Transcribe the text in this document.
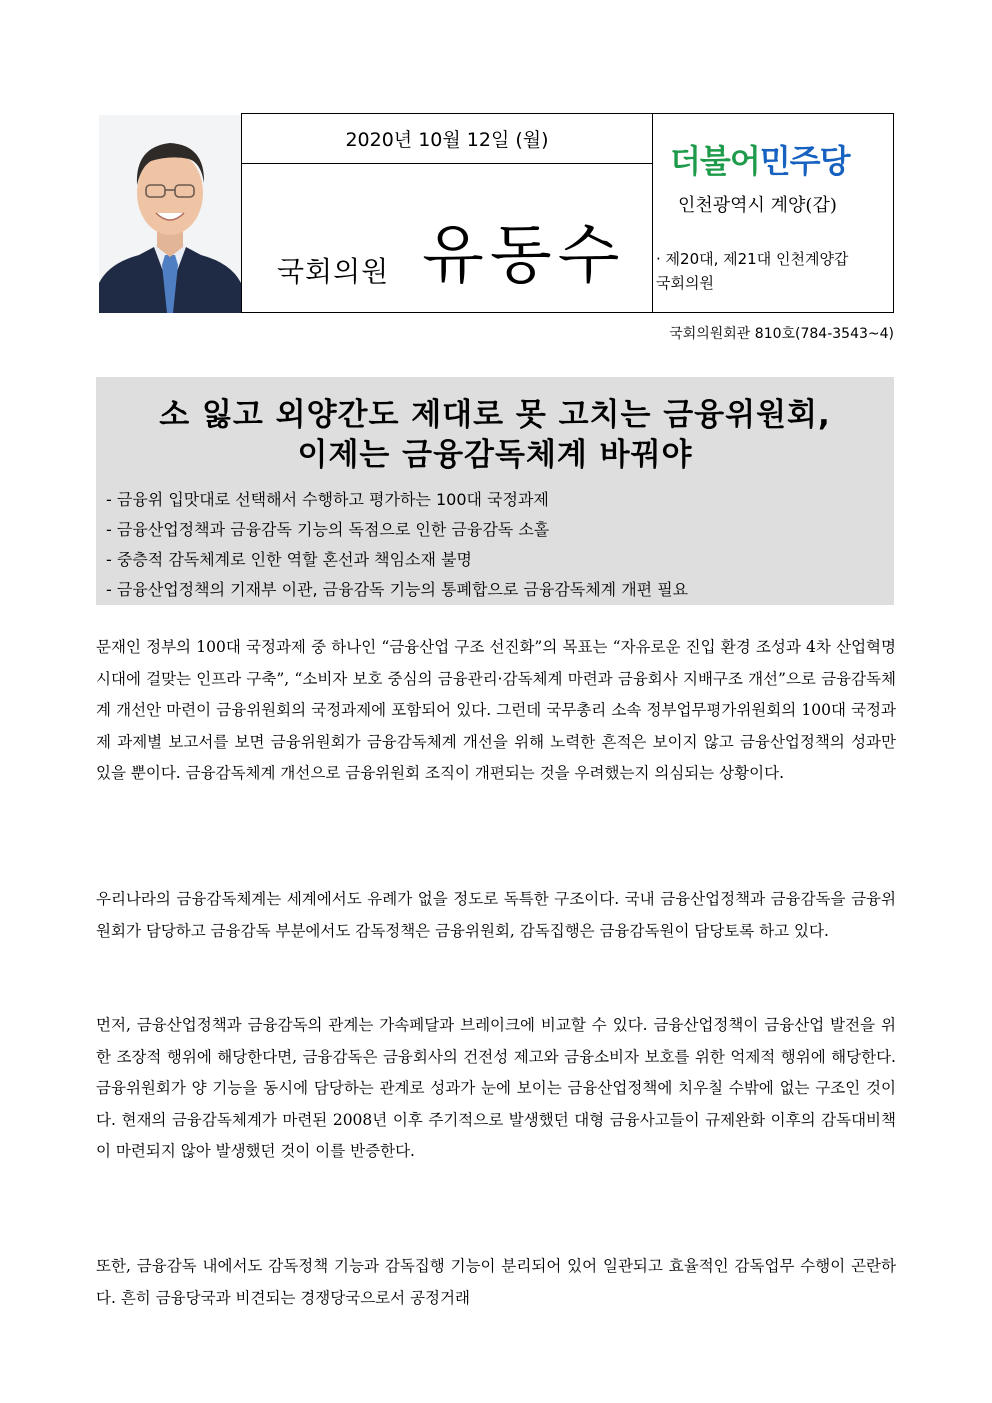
2020년 10월 12일 (월)
국회의원 유동수
더불어민주당
인천광역시 계양(갑)
· 제20대, 제21대 인천계양갑
국회의원
국회의원회관 810호(784-3543~4)
소 잃고 외양간도 제대로 못 고치는 금융위원회,
이제는 금융감독체계 바꿔야
- 금융위 입맛대로 선택해서 수행하고 평가하는 100대 국정과제
- 금융산업정책과 금융감독 기능의 독점으로 인한 금융감독 소홀
- 중층적 감독체계로 인한 역할 혼선과 책임소재 불명
- 금융산업정책의 기재부 이관, 금융감독 기능의 통폐합으로 금융감독체계 개편 필요

문재인 정부의 100대 국정과제 중 하나인 “금융산업 구조 선진화”의 목표는 “자유로운 진입 환경 조성과 4차 산업혁명 시대에 걸맞는 인프라 구축”, “소비자 보호 중심의 금융관리·감독체계 마련과 금융회사 지배구조 개선”으로 금융감독체계 개선안 마련이 금융위원회의 국정과제에 포함되어 있다. 그런데 국무총리 소속 정부업무평가위원회의 100대 국정과제 과제별 보고서를 보면 금융위원회가 금융감독체계 개선을 위해 노력한 흔적은 보이지 않고 금융산업정책의 성과만 있을 뿐이다. 금융감독체계 개선으로 금융위원회 조직이 개편되는 것을 우려했는지 의심되는 상황이다.

우리나라의 금융감독체계는 세계에서도 유례가 없을 정도로 독특한 구조이다. 국내 금융산업정책과 금융감독을 금융위원회가 담당하고 금융감독 부분에서도 감독정책은 금융위원회, 감독집행은 금융감독원이 담당토록 하고 있다.

먼저, 금융산업정책과 금융감독의 관계는 가속페달과 브레이크에 비교할 수 있다. 금융산업정책이 금융산업 발전을 위한 조장적 행위에 해당한다면, 금융감독은 금융회사의 건전성 제고와 금융소비자 보호를 위한 억제적 행위에 해당한다. 금융위원회가 양 기능을 동시에 담당하는 관계로 성과가 눈에 보이는 금융산업정책에 치우칠 수밖에 없는 구조인 것이다. 현재의 금융감독체계가 마련된 2008년 이후 주기적으로 발생했던 대형 금융사고들이 규제완화 이후의 감독대비책이 마련되지 않아 발생했던 것이 이를 반증한다.

또한, 금융감독 내에서도 감독정책 기능과 감독집행 기능이 분리되어 있어 일관되고 효율적인 감독업무 수행이 곤란하다. 흔히 금융당국과 비견되는 경쟁당국으로서 공정거래
